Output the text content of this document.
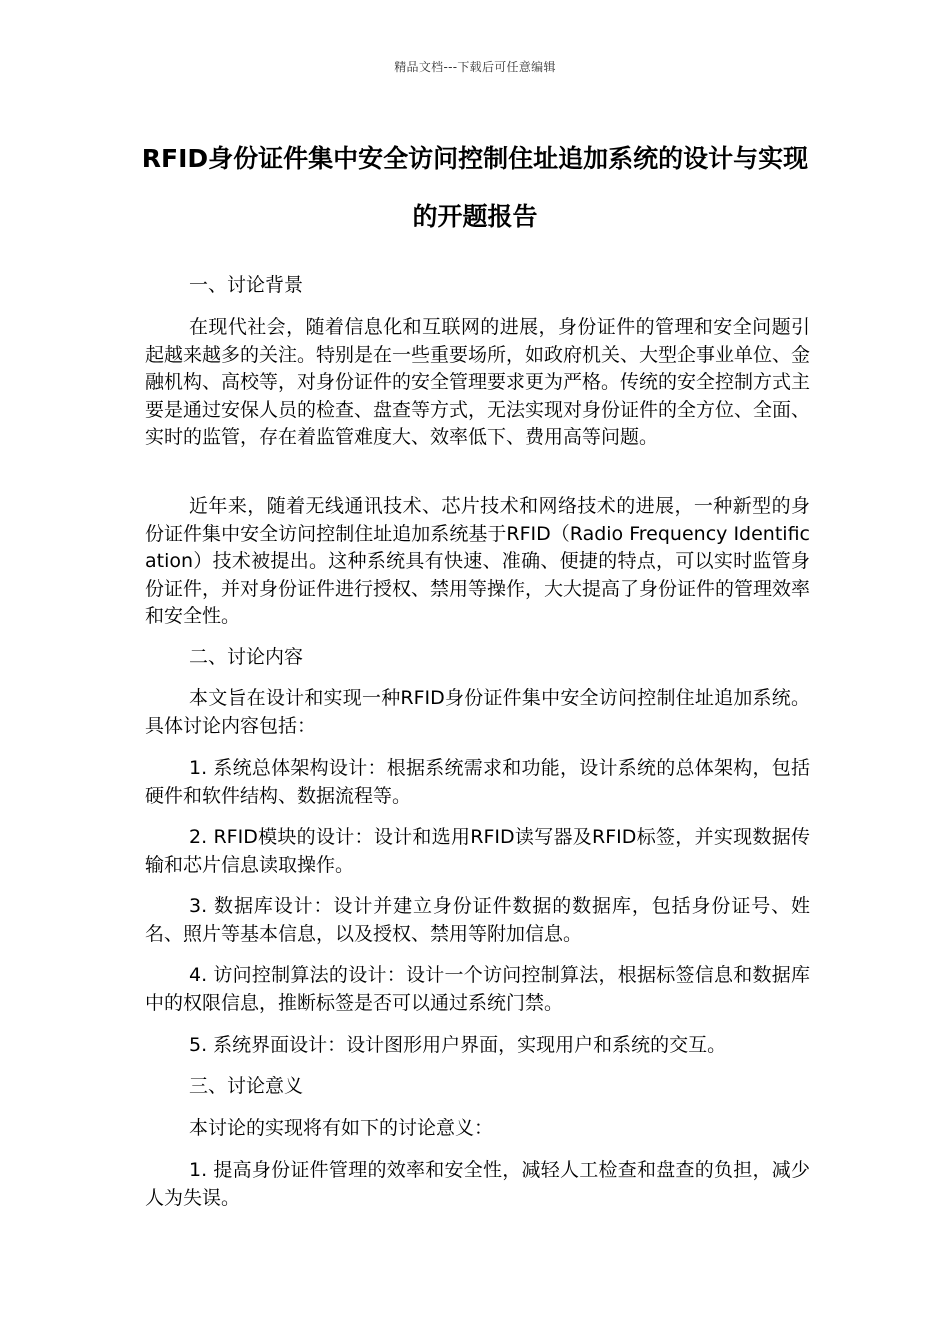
精品文档---下载后可任意编辑
RFID身份证件集中安全访问控制住址追加系统的设计与实现的开题报告

一、讨论背景

在现代社会，随着信息化和互联网的进展，身份证件的管理和安全问题引起越来越多的关注。特别是在一些重要场所，如政府机关、大型企事业单位、金融机构、高校等，对身份证件的安全管理要求更为严格。传统的安全控制方式主要是通过安保人员的检查、盘查等方式，无法实现对身份证件的全方位、全面、实时的监管，存在着监管难度大、效率低下、费用高等问题。

近年来，随着无线通讯技术、芯片技术和网络技术的进展，一种新型的身份证件集中安全访问控制住址追加系统基于RFID（Radio Frequency Identification）技术被提出。这种系统具有快速、准确、便捷的特点，可以实时监管身份证件，并对身份证件进行授权、禁用等操作，大大提高了身份证件的管理效率和安全性。

二、讨论内容

本文旨在设计和实现一种RFID身份证件集中安全访问控制住址追加系统。具体讨论内容包括：

1. 系统总体架构设计：根据系统需求和功能，设计系统的总体架构，包括硬件和软件结构、数据流程等。

2. RFID模块的设计：设计和选用RFID读写器及RFID标签，并实现数据传输和芯片信息读取操作。

3. 数据库设计：设计并建立身份证件数据的数据库，包括身份证号、姓名、照片等基本信息，以及授权、禁用等附加信息。

4. 访问控制算法的设计：设计一个访问控制算法，根据标签信息和数据库中的权限信息，推断标签是否可以通过系统门禁。

5. 系统界面设计：设计图形用户界面，实现用户和系统的交互。

三、讨论意义

本讨论的实现将有如下的讨论意义：

1. 提高身份证件管理的效率和安全性，减轻人工检查和盘查的负担，减少人为失误。
